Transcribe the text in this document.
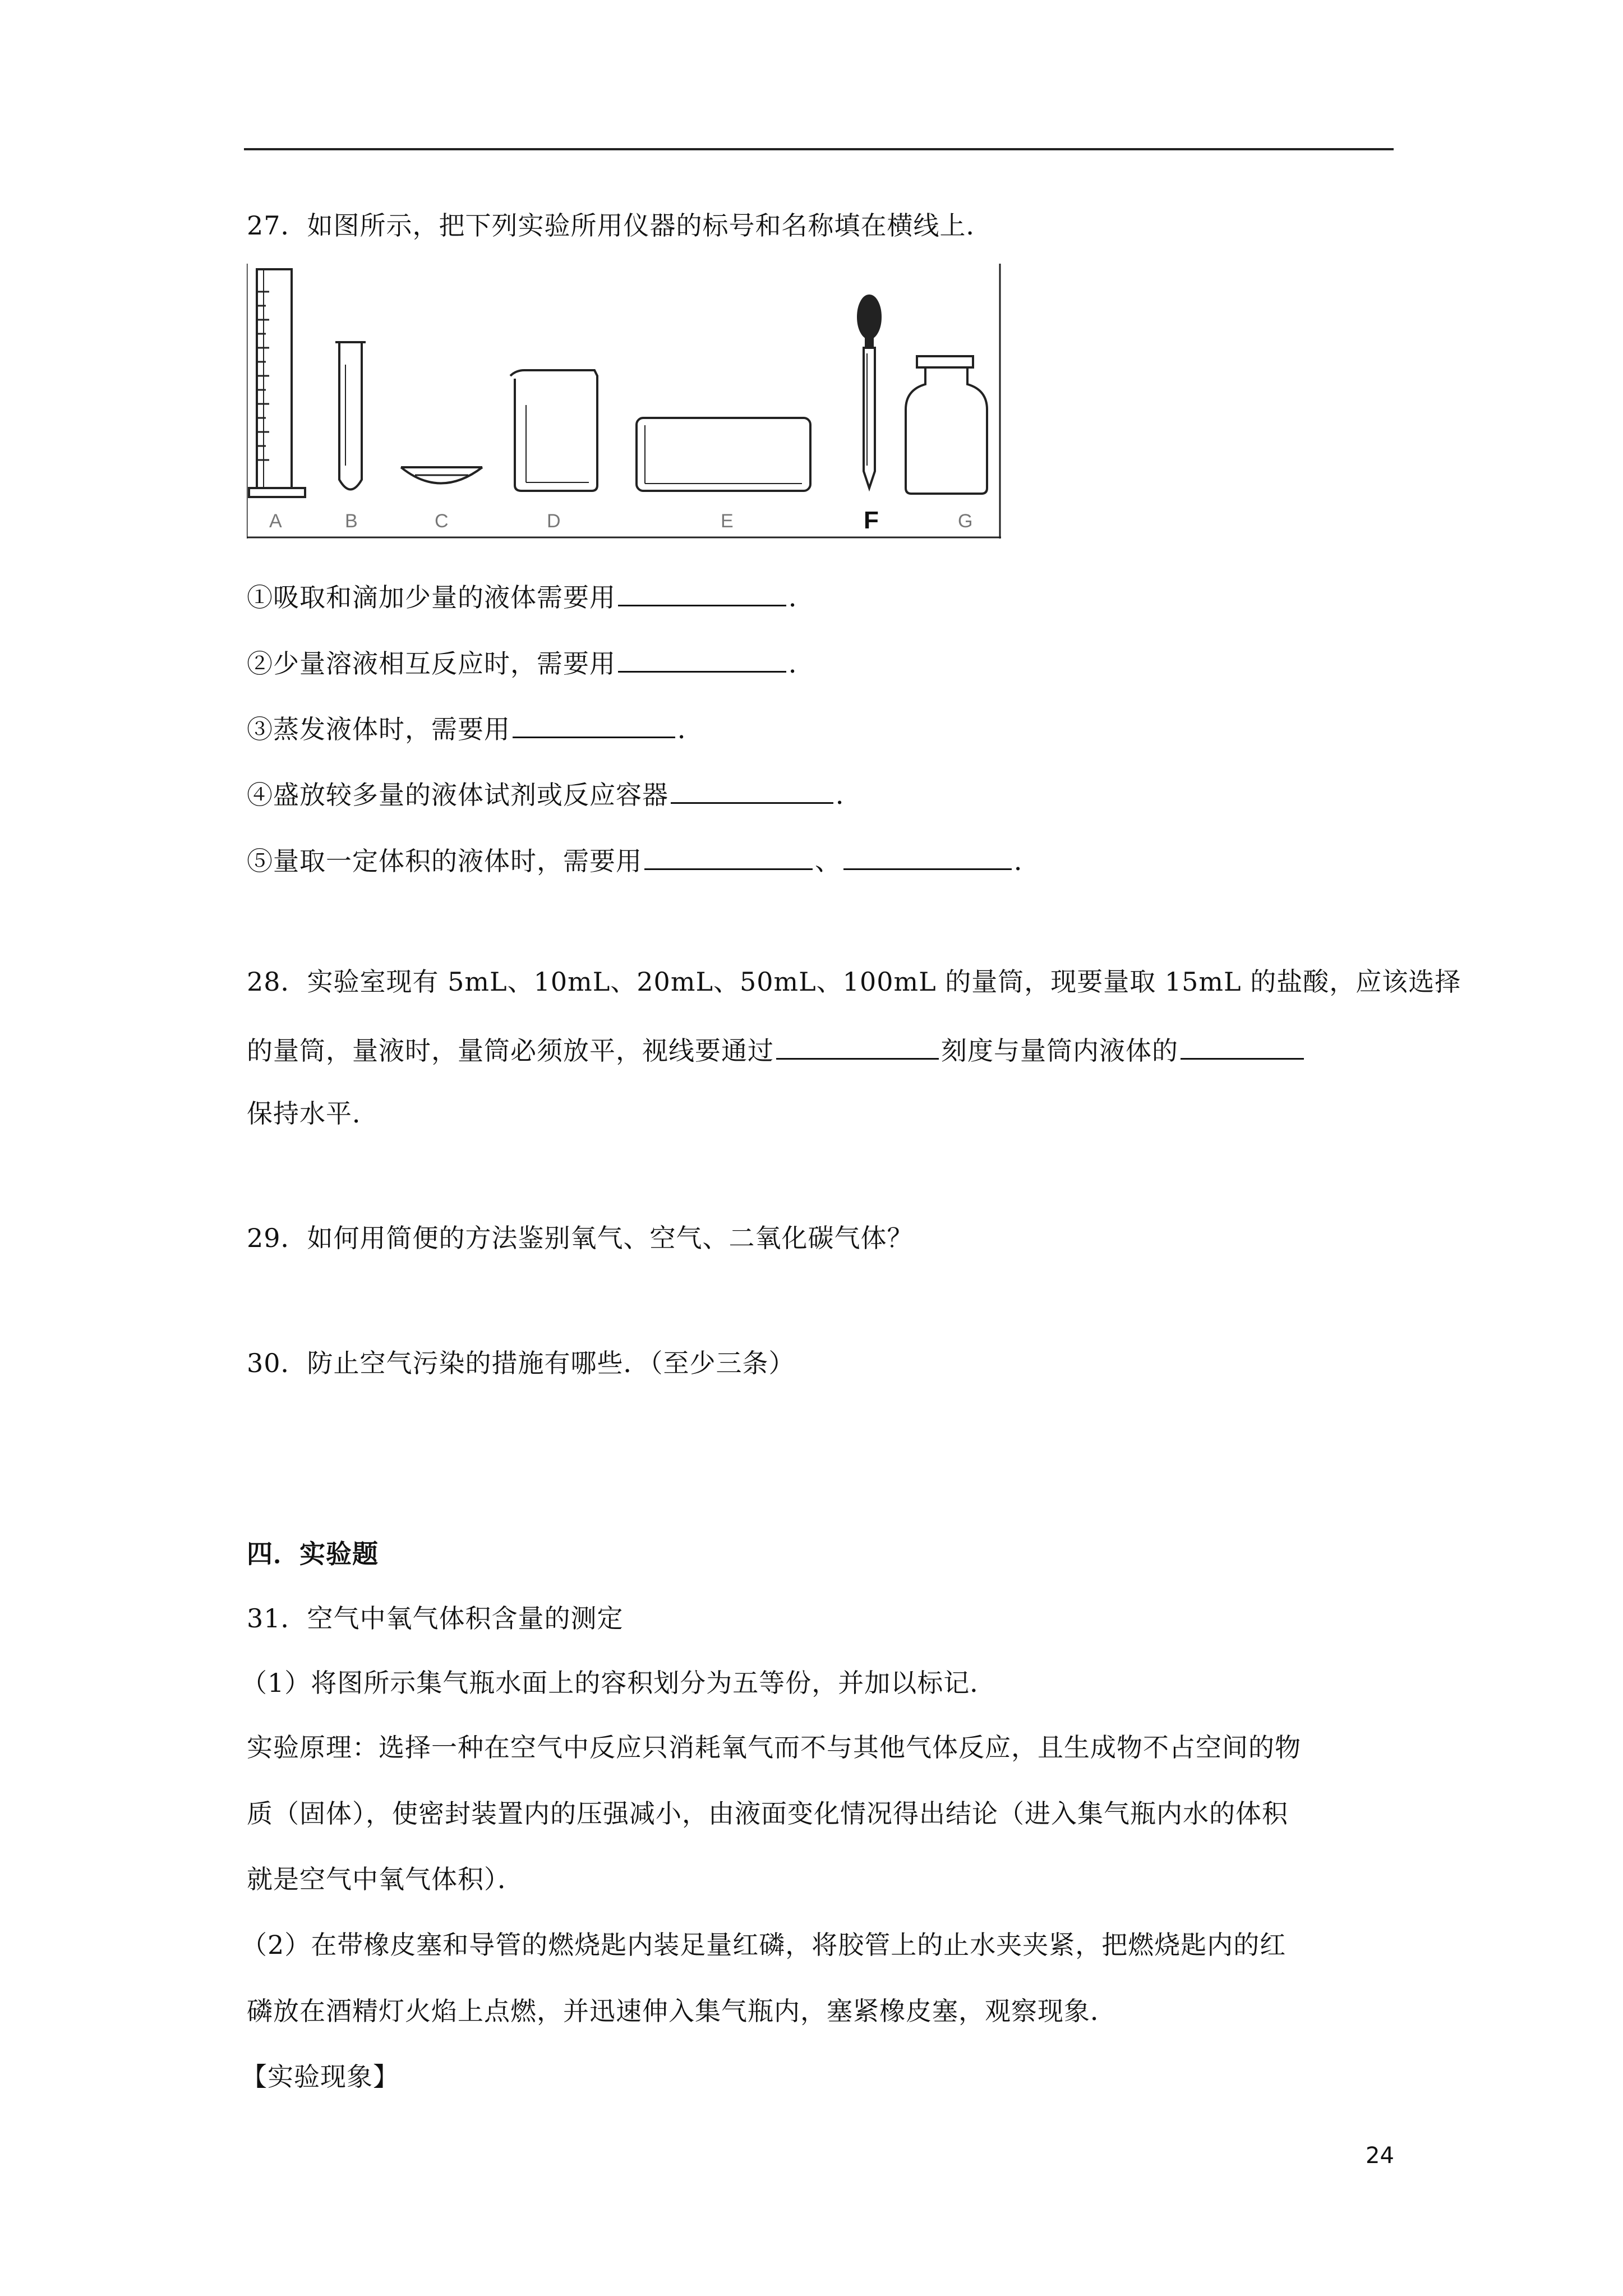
27．如图所示，把下列实验所用仪器的标号和名称填在横线上．
A	B	C	D	E	F	G
①吸取和滴加少量的液体需要用	．
②少量溶液相互反应时，需要用	．
③蒸发液体时，需要用	．
④盛放较多量的液体试剂或反应容器	．
⑤量取一定体积的液体时，需要用	、	．
28．实验室现有 5mL、10mL、20mL、50mL、100mL 的量筒，现要量取 15mL 的盐酸，应该选择
的量筒，量液时，量筒必须放平，视线要通过	刻度与量筒内液体的
保持水平．
29．如何用简便的方法鉴别氧气、空气、二氧化碳气体？
30．防止空气污染的措施有哪些．（至少三条）
四．实验题
31．空气中氧气体积含量的测定
（1）将图所示集气瓶水面上的容积划分为五等份，并加以标记．
实验原理：选择一种在空气中反应只消耗氧气而不与其他气体反应，且生成物不占空间的物
质（固体），使密封装置内的压强减小，由液面变化情况得出结论（进入集气瓶内水的体积
就是空气中氧气体积）．
（2）在带橡皮塞和导管的燃烧匙内装足量红磷，将胶管上的止水夹夹紧，把燃烧匙内的红
磷放在酒精灯火焰上点燃，并迅速伸入集气瓶内，塞紧橡皮塞，观察现象．
【实验现象】
24
